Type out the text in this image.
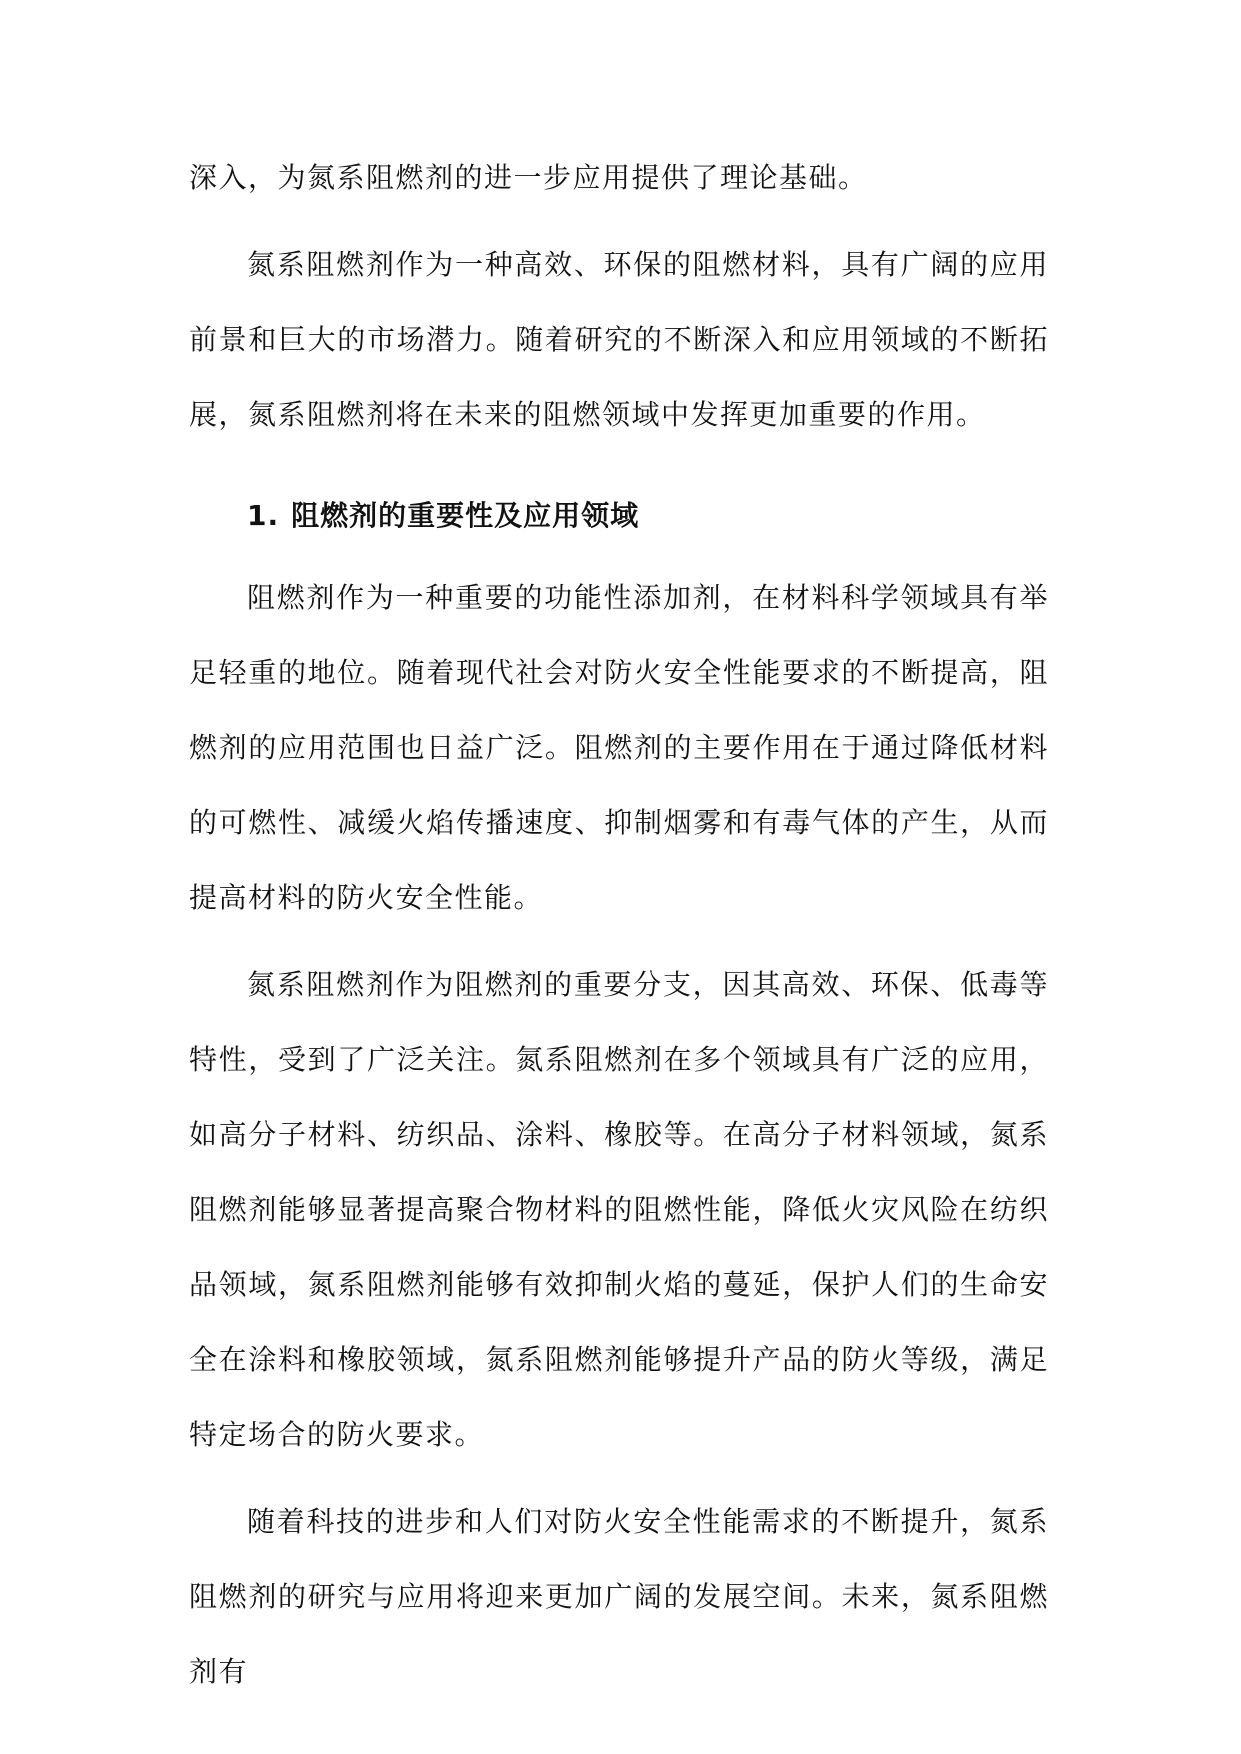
深入，为氮系阻燃剂的进一步应用提供了理论基础。

氮系阻燃剂作为一种高效、环保的阻燃材料，具有广阔的应用前景和巨大的市场潜力。随着研究的不断深入和应用领域的不断拓展，氮系阻燃剂将在未来的阻燃领域中发挥更加重要的作用。

1. 阻燃剂的重要性及应用领域

阻燃剂作为一种重要的功能性添加剂，在材料科学领域具有举足轻重的地位。随着现代社会对防火安全性能要求的不断提高，阻燃剂的应用范围也日益广泛。阻燃剂的主要作用在于通过降低材料的可燃性、减缓火焰传播速度、抑制烟雾和有毒气体的产生，从而提高材料的防火安全性能。

氮系阻燃剂作为阻燃剂的重要分支，因其高效、环保、低毒等特性，受到了广泛关注。氮系阻燃剂在多个领域具有广泛的应用，如高分子材料、纺织品、涂料、橡胶等。在高分子材料领域，氮系阻燃剂能够显著提高聚合物材料的阻燃性能，降低火灾风险在纺织品领域，氮系阻燃剂能够有效抑制火焰的蔓延，保护人们的生命安全在涂料和橡胶领域，氮系阻燃剂能够提升产品的防火等级，满足特定场合的防火要求。

随着科技的进步和人们对防火安全性能需求的不断提升，氮系阻燃剂的研究与应用将迎来更加广阔的发展空间。未来，氮系阻燃剂有
